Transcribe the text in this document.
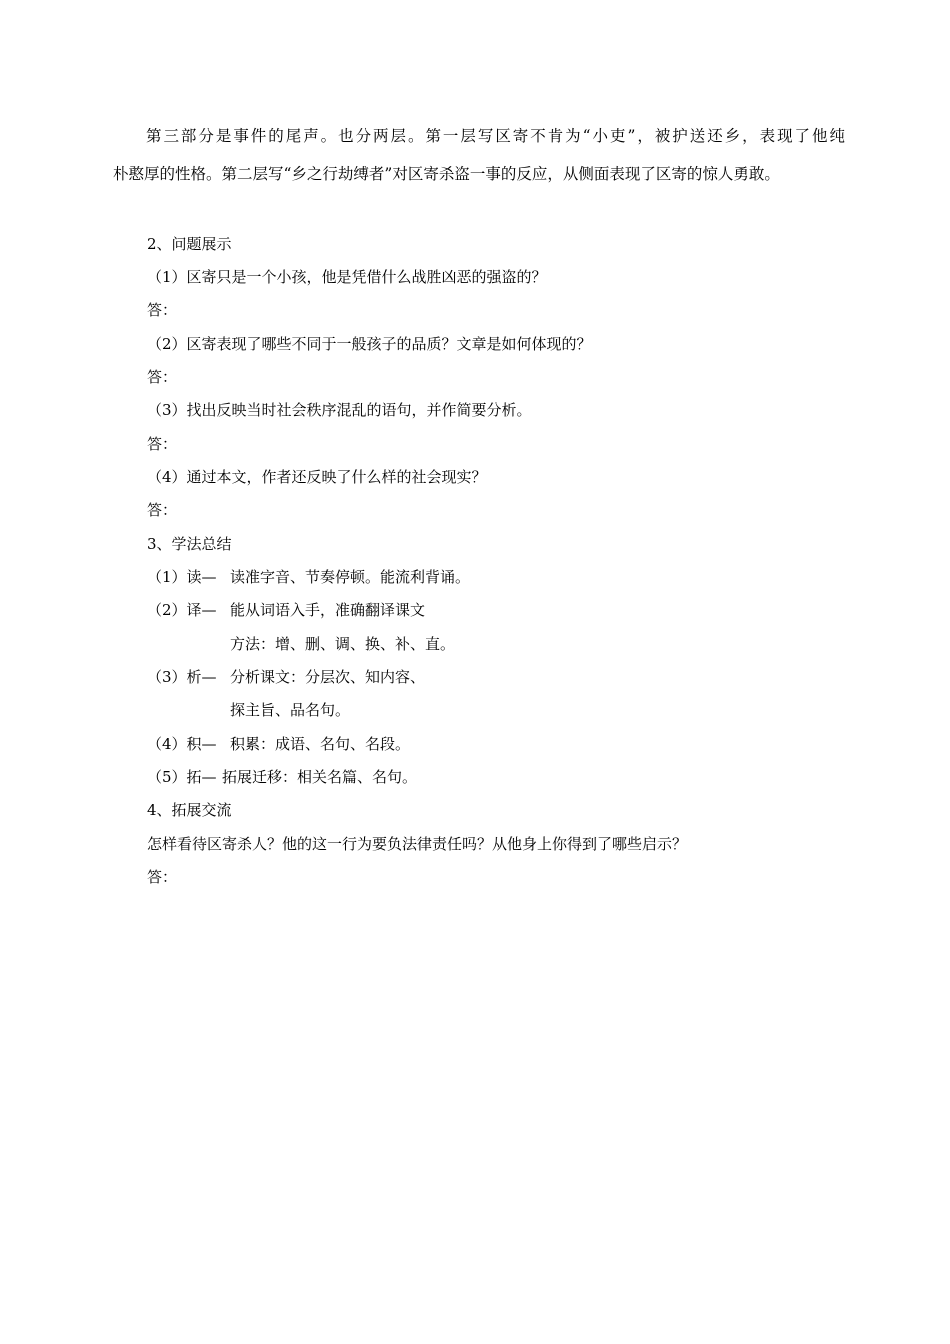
第三部分是事件的尾声。也分两层。第一层写区寄不肯为“小吏”，被护送还乡，表现了他纯
朴憨厚的性格。第二层写“乡之行劫缚者”对区寄杀盗一事的反应，从侧面表现了区寄的惊人勇敢。
2、问题展示
（1）区寄只是一个小孩，他是凭借什么战胜凶恶的强盗的？
答：
（2）区寄表现了哪些不同于一般孩子的品质？文章是如何体现的？
答：
（3）找出反映当时社会秩序混乱的语句，并作简要分析。
答：
（4）通过本文，作者还反映了什么样的社会现实？
答：
3、学法总结
（1）读— 读准字音、节奏停顿。能流利背诵。
（2）译— 能从词语入手，准确翻译课文
方法：增、删、调、换、补、直。
（3）析— 分析课文：分层次、知内容、
探主旨、品名句。
（4）积— 积累：成语、名句、名段。
（5）拓— 拓展迁移：相关名篇、名句。
4、拓展交流
怎样看待区寄杀人？他的这一行为要负法律责任吗？从他身上你得到了哪些启示？
答：
